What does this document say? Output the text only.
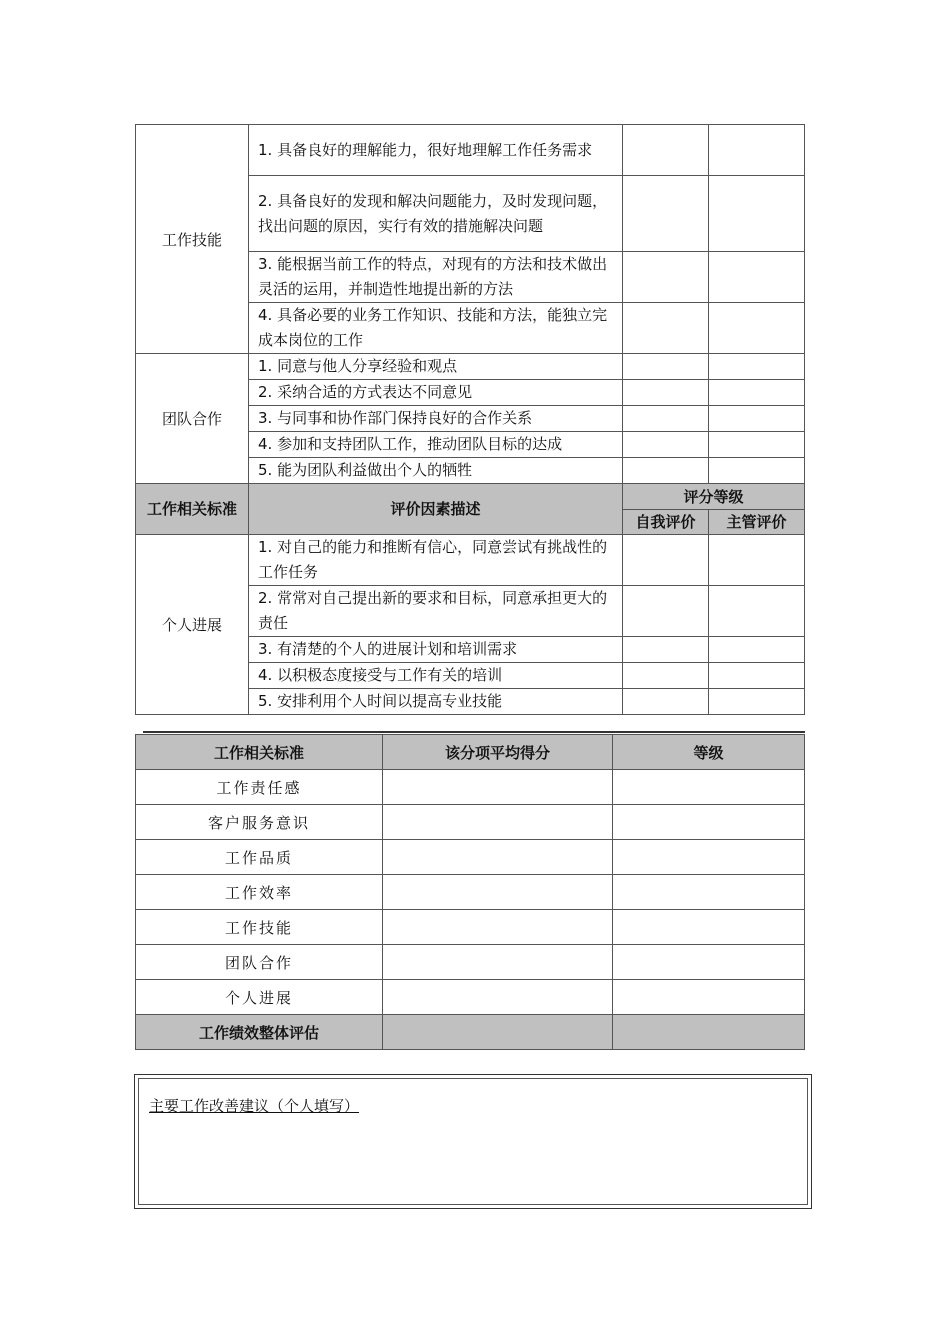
工作技能	1. 具备良好的理解能力，很好地理解工作任务需求		
	2. 具备良好的发现和解决问题能力，及时发现问题，找出问题的原因，实行有效的措施解决问题		
	3. 能根据当前工作的特点，对现有的方法和技术做出灵活的运用，并制造性地提出新的方法		
	4. 具备必要的业务工作知识、技能和方法，能独立完成本岗位的工作		
团队合作	1. 同意与他人分享经验和观点		
	2. 采纳合适的方式表达不同意见		
	3. 与同事和协作部门保持良好的合作关系		
	4. 参加和支持团队工作，推动团队目标的达成		
	5. 能为团队利益做出个人的牺牲		
工作相关标准	评价因素描述	评分等级	
		自我评价	主管评价
个人进展	1. 对自己的能力和推断有信心，同意尝试有挑战性的工作任务		
	2. 常常对自己提出新的要求和目标，同意承担更大的责任		
	3. 有清楚的个人的进展计划和培训需求		
	4. 以积极态度接受与工作有关的培训		
	5. 安排利用个人时间以提高专业技能		
工作相关标准	该分项平均得分	等级
工作责任感		
客户服务意识		
工作品质		
工作效率		
工作技能		
团队合作		
个人进展		
工作绩效整体评估		
主要工作改善建议（个人填写）
